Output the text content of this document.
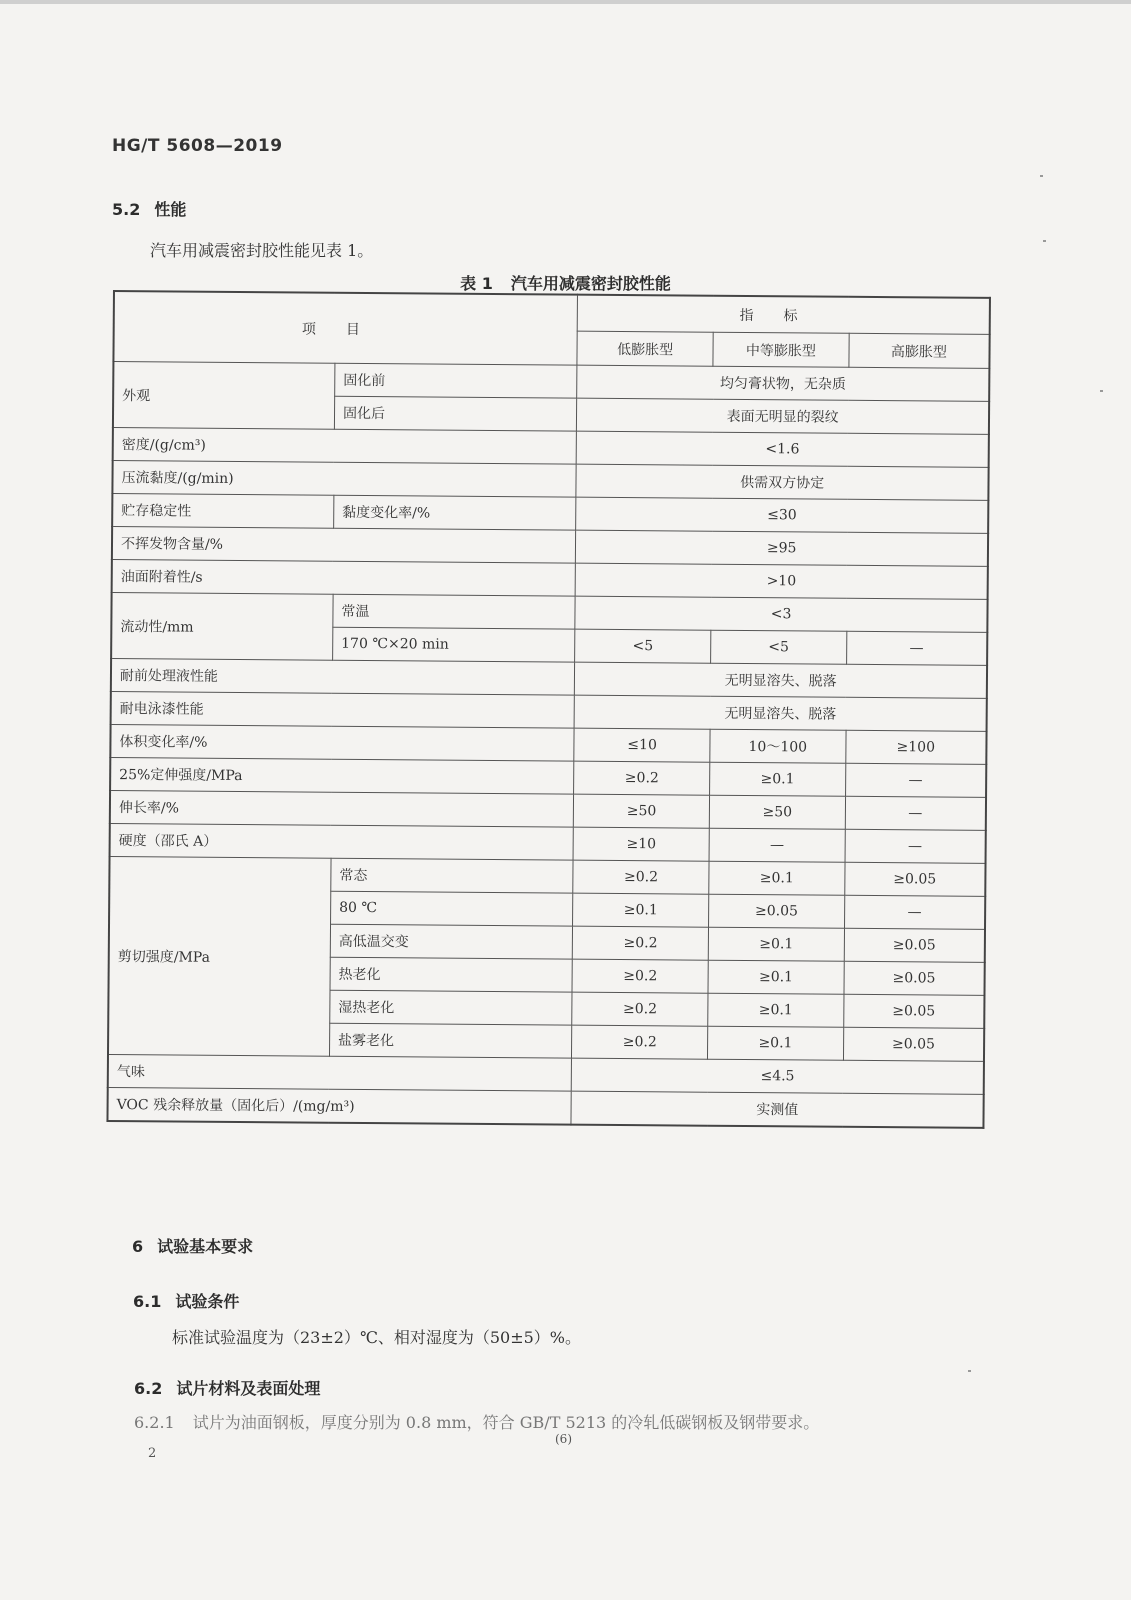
HG/T 5608—2019
5.2 性能
汽车用减震密封胶性能见表 1。
表 1 汽车用减震密封胶性能
项目		指标		
		低膨胀型	中等膨胀型	高膨胀型
外观	固化前	均匀膏状物，无杂质		
	固化后	表面无明显的裂纹		
密度/(g/cm³)		<1.6		
压流黏度/(g/min)		供需双方协定		
贮存稳定性	黏度变化率/%	≤30		
不挥发物含量/%		≥95		
油面附着性/s		>10		
流动性/mm	常温	<3		
	170 ℃×20 min	<5	<5	—
耐前处理液性能		无明显溶失、脱落		
耐电泳漆性能		无明显溶失、脱落		
体积变化率/%		≤10	10～100	≥100
25%定伸强度/MPa		≥0.2	≥0.1	—
伸长率/%		≥50	≥50	—
硬度（邵氏 A）		≥10	—	—
剪切强度/MPa	常态	≥0.2	≥0.1	≥0.05
	80 ℃	≥0.1	≥0.05	—
	高低温交变	≥0.2	≥0.1	≥0.05
	热老化	≥0.2	≥0.1	≥0.05
	湿热老化	≥0.2	≥0.1	≥0.05
	盐雾老化	≥0.2	≥0.1	≥0.05
气味		≤4.5		
VOC 残余释放量（固化后）/(mg/m³)		实测值		
6 试验基本要求
6.1 试验条件
标准试验温度为（23±2）℃、相对湿度为（50±5）%。
6.2 试片材料及表面处理
6.2.1 试片为油面钢板，厚度分别为 0.8 mm，符合 GB/T 5213 的冷轧低碳钢板及钢带要求。
(6)
2
